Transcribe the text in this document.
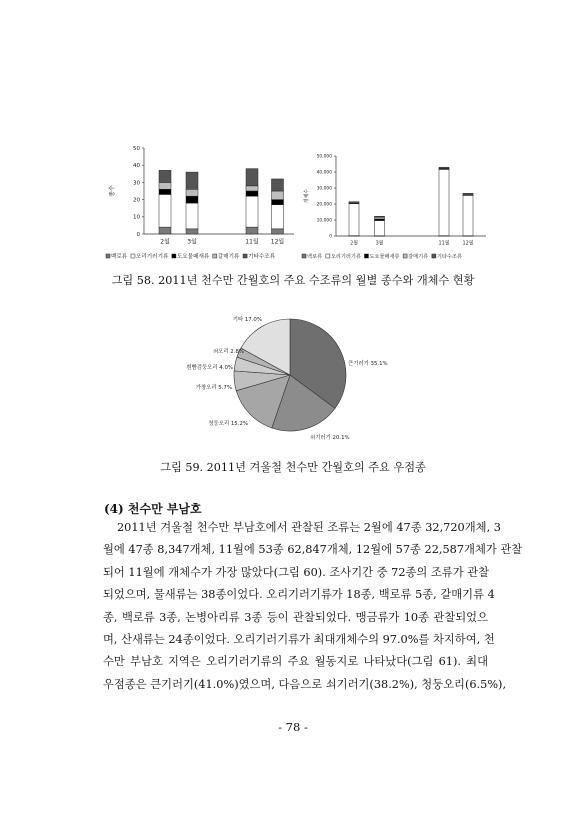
0
10
20
30
40
50
종수
2월	3월	11월 12월
백로류 오리기러기류 도요물떼새류 갈매기류 기타수조류
0
10,000
20,000
30,000
40,000
50,000
개체수
2월	3월	11월	12월
백로류 오리기러기류 도요물떼새류 갈매기류 기타수조류
그림 58. 2011년 천수만 간월호의 주요 수조류의 월별 종수와 개체수 현황
큰기러기 35.1%
쇠기러기 20.1%
청둥오리 15.2%
가창오리 5.7%
흰뺨검둥오리 4.0%
쇠오리 2.8%
기타 17.0%
그림 59. 2011년 겨울철 천수만 간월호의 주요 우점종
(4) 천수만 부남호
2011년 겨울철 천수만 부남호에서 관찰된 조류는 2월에 47종 32,720개체, 3
월에 47종 8,347개체, 11월에 53종 62,847개체, 12월에 57종 22,587개체가 관찰
되어 11월에 개체수가 가장 많았다(그림 60). 조사기간 중 72종의 조류가 관찰
되었으며, 물새류는 38종이었다. 오리기러기류가 18종, 백로류 5종, 갈매기류 4
종, 백로류 3종, 논병아리류 3종 등이 관찰되었다. 맹금류가 10종 관찰되었으
며, 산새류는 24종이었다. 오리기러기류가 최대개체수의 97.0%를 차지하여, 천
수만 부남호 지역은 오리기러기류의 주요 월동지로 나타났다(그림 61). 최대
우점종은 큰기러기(41.0%)였으며, 다음으로 쇠기러기(38.2%), 청둥오리(6.5%),
- 78 -
